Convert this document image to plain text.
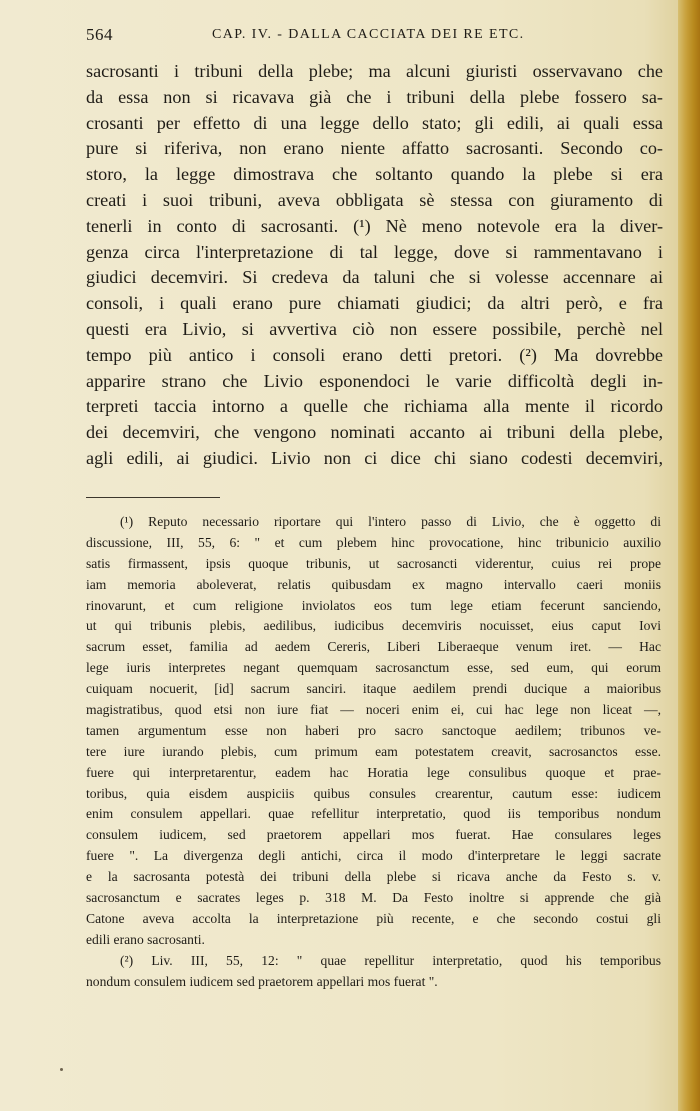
564	CAP. IV. - DALLA CACCIATA DEI RE ETC.
sacrosanti i tribuni della plebe; ma alcuni giuristi osservavano che
da essa non si ricavava già che i tribuni della plebe fossero sa-
crosanti per effetto di una legge dello stato; gli edili, ai quali essa
pure si riferiva, non erano niente affatto sacrosanti. Secondo co-
storo, la legge dimostrava che soltanto quando la plebe si era
creati i suoi tribuni, aveva obbligata sè stessa con giuramento di
tenerli in conto di sacrosanti. (¹) Nè meno notevole era la diver-
genza circa l'interpretazione di tal legge, dove si rammentavano i
giudici decemviri. Si credeva da taluni che si volesse accennare ai
consoli, i quali erano pure chiamati giudici; da altri però, e fra
questi era Livio, si avvertiva ciò non essere possibile, perchè nel
tempo più antico i consoli erano detti pretori. (²) Ma dovrebbe
apparire strano che Livio esponendoci le varie difficoltà degli in-
terpreti taccia intorno a quelle che richiama alla mente il ricordo
dei decemviri, che vengono nominati accanto ai tribuni della plebe,
agli edili, ai giudici. Livio non ci dice chi siano codesti decemviri,
(¹) Reputo necessario riportare qui l'intero passo di Livio, che è oggetto di
discussione, III, 55, 6: " et cum plebem hinc provocatione, hinc tribunicio auxilio
satis firmassent, ipsis quoque tribunis, ut sacrosancti viderentur, cuius rei prope
iam memoria aboleverat, relatis quibusdam ex magno intervallo caeri moniis
rinovarunt, et cum religione inviolatos eos tum lege etiam fecerunt sanciendo,
ut qui tribunis plebis, aedilibus, iudicibus decemviris nocuisset, eius caput Iovi
sacrum esset, familia ad aedem Cereris, Liberi Liberaeque venum iret. — Hac
lege iuris interpretes negant quemquam sacrosanctum esse, sed eum, qui eorum
cuiquam nocuerit, [id] sacrum sanciri. itaque aedilem prendi ducique a maioribus
magistratibus, quod etsi non iure fiat — noceri enim ei, cui hac lege non liceat —,
tamen argumentum esse non haberi pro sacro sanctoque aedilem; tribunos ve-
tere iure iurando plebis, cum primum eam potestatem creavit, sacrosanctos esse.
fuere qui interpretarentur, eadem hac Horatia lege consulibus quoque et prae-
toribus, quia eisdem auspiciis quibus consules crearentur, cautum esse: iudicem
enim consulem appellari. quae refellitur interpretatio, quod iis temporibus nondum
consulem iudicem, sed praetorem appellari mos fuerat. Hae consulares leges
fuere ". La divergenza degli antichi, circa il modo d'interpretare le leggi sacrate
e la sacrosanta potestà dei tribuni della plebe si ricava anche da Festo s. v.
sacrosanctum e sacrates leges p. 318 M. Da Festo inoltre si apprende che già
Catone aveva accolta la interpretazione più recente, e che secondo costui gli
edili erano sacrosanti.
(²) Liv. III, 55, 12: " quae repellitur interpretatio, quod his temporibus
nondum consulem iudicem sed praetorem appellari mos fuerat ".
